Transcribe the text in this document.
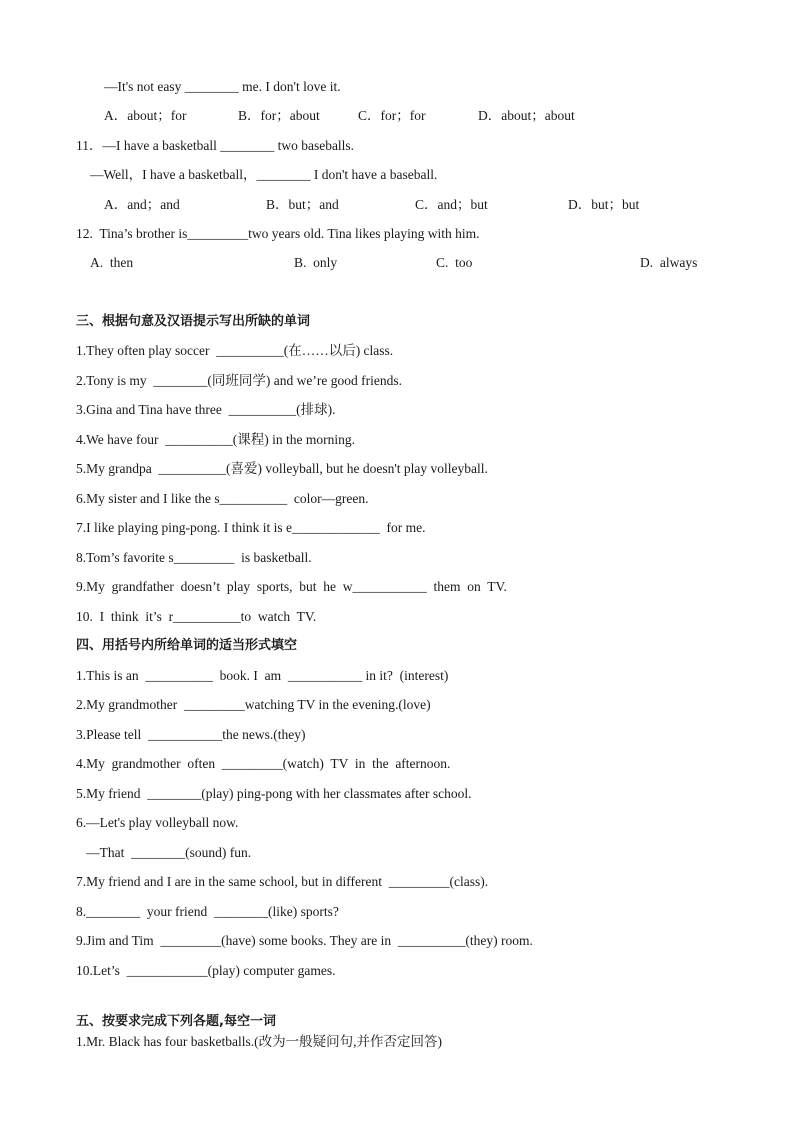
—It's not easy ________ me. I don't love it.
A．about；for	B．for；about	C．for；for	D．about；about
11．—I have a basketball ________ two baseballs.
—Well，I have a basketball，________ I don't have a baseball.
A．and；and	B．but；and	C．and；but	D．but；but
12.  Tina’s brother is_________two years old. Tina likes playing with him.
A.  then	B.  only	C.  too	D.  always
三、根据句意及汉语提示写出所缺的单词
1.They often play soccer  __________(在……以后) class.
2.Tony is my  ________(同班同学) and we’re good friends.
3.Gina and Tina have three  __________(排球).
4.We have four  __________(课程) in the morning.
5.My grandpa  __________(喜爱) volleyball, but he doesn't play volleyball.
6.My sister and I like the s__________  color—green.
7.I like playing ping-pong. I think it is e_____________  for me.
8.Tom’s favorite s_________  is basketball.
9.My  grandfather  doesn’t  play  sports,  but  he  w___________  them  on  TV.
10.  I  think  it’s  r__________to  watch  TV.
四、用括号内所给单词的适当形式填空
1.This is an  __________  book. I  am  ___________ in it?  (interest)
2.My grandmother  _________watching TV in the evening.(love)
3.Please tell  ___________the news.(they)
4.My  grandmother  often  _________(watch)  TV  in  the  afternoon.
5.My friend  ________(play) ping-pong with her classmates after school.
6.—Let's play volleyball now.
—That  ________(sound) fun.
7.My friend and I are in the same school, but in different  _________(class).
8.________  your friend  ________(like) sports?
9.Jim and Tim  _________(have) some books. They are in  __________(they) room.
10.Let’s  ____________(play) computer games.
五、按要求完成下列各题,每空一词
1.Mr. Black has four basketballs.(改为一般疑问句,并作否定回答)
